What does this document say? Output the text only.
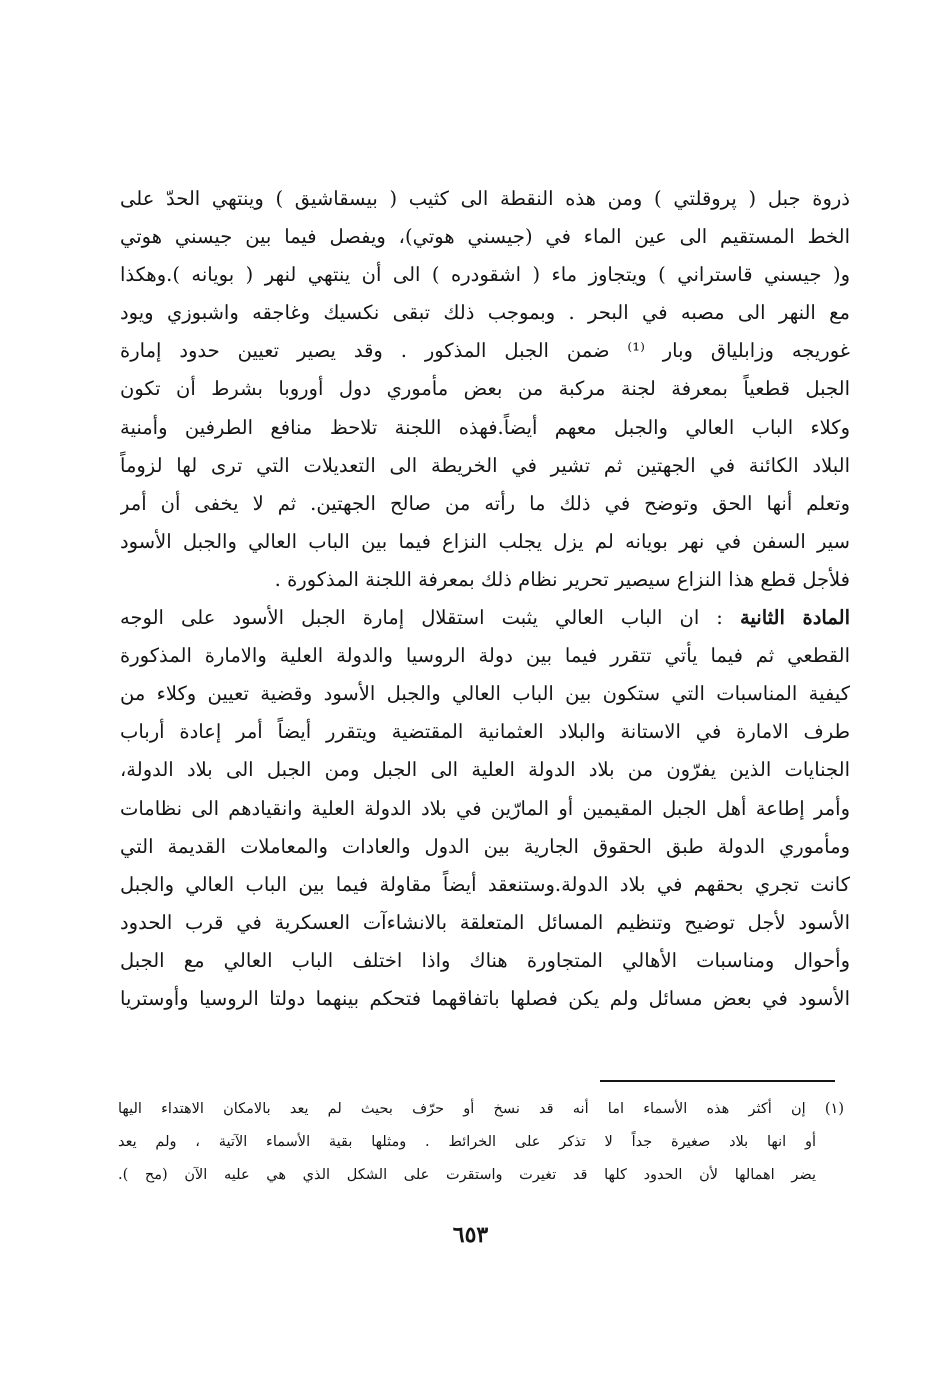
ذروة جبل ( پروقلتي ) ومن هذه النقطة الى كثيب ( بيسقاشيق ) وينتهي الحدّ على
الخط المستقيم الى عين الماء في (جيسني هوتي)، ويفصل فيما بين جيسني هوتي
و( جيسني قاستراني ) ويتجاوز ماء ( اشقودره ) الى أن ينتهي لنهر ( بويانه ).وهكذا
مع النهر الى مصبه في البحر . وبموجب ذلك تبقى نكسيك وغاجقه واشبوزي ويود
غوريجه وزابلياق وبار ⁽¹⁾ ضمن الجبل المذكور . وقد يصير تعيين حدود إمارة
الجبل قطعياً بمعرفة لجنة مركبة من بعض مأموري دول أوروبا بشرط أن تكون
وكلاء الباب العالي والجبل معهم أيضاً.فهذه اللجنة تلاحظ منافع الطرفين وأمنية
البلاد الكائنة في الجهتين ثم تشير في الخريطة الى التعديلات التي ترى لها لزوماً
وتعلم أنها الحق وتوضح في ذلك ما رأته من صالح الجهتين. ثم لا يخفى أن أمر
سير السفن في نهر بويانه لم يزل يجلب النزاع فيما بين الباب العالي والجبل الأسود
فلأجل قطع هذا النزاع سيصير تحرير نظام ذلك بمعرفة اللجنة المذكورة .
المادة الثانية : ان الباب العالي يثبت استقلال إمارة الجبل الأسود على الوجه
القطعي ثم فيما يأتي تتقرر فيما بين دولة الروسيا والدولة العلية والامارة المذكورة
كيفية المناسبات التي ستكون بين الباب العالي والجبل الأسود وقضية تعيين وكلاء من
طرف الامارة في الاستانة والبلاد العثمانية المقتضية ويتقرر أيضاً أمر إعادة أرباب
الجنايات الذين يفرّون من بلاد الدولة العلية الى الجبل ومن الجبل الى بلاد الدولة،
وأمر إطاعة أهل الجبل المقيمين أو المارّين في بلاد الدولة العلية وانقيادهم الى نظامات
ومأموري الدولة طبق الحقوق الجارية بين الدول والعادات والمعاملات القديمة التي
كانت تجري بحقهم في بلاد الدولة.وستنعقد أيضاً مقاولة فيما بين الباب العالي والجبل
الأسود لأجل توضيح وتنظيم المسائل المتعلقة بالانشاءآت العسكرية في قرب الحدود
وأحوال ومناسبات الأهالي المتجاورة هناك واذا اختلف الباب العالي مع الجبل
الأسود في بعض مسائل ولم يكن فصلها باتفاقهما فتحكم بينهما دولتا الروسيا وأوستريا
(١) إن أكثر هذه الأسماء اما أنه قد نسخ أو حرّف بحيث لم يعد بالامكان الاهتداء اليها
أو انها بلاد صغيرة جداً لا تذكر على الخرائط . ومثلها بقية الأسماء الآتية ، ولم يعد
يضر اهمالها لأن الحدود كلها قد تغيرت واستقرت على الشكل الذي هي عليه الآن (مح ).
٦٥٣
